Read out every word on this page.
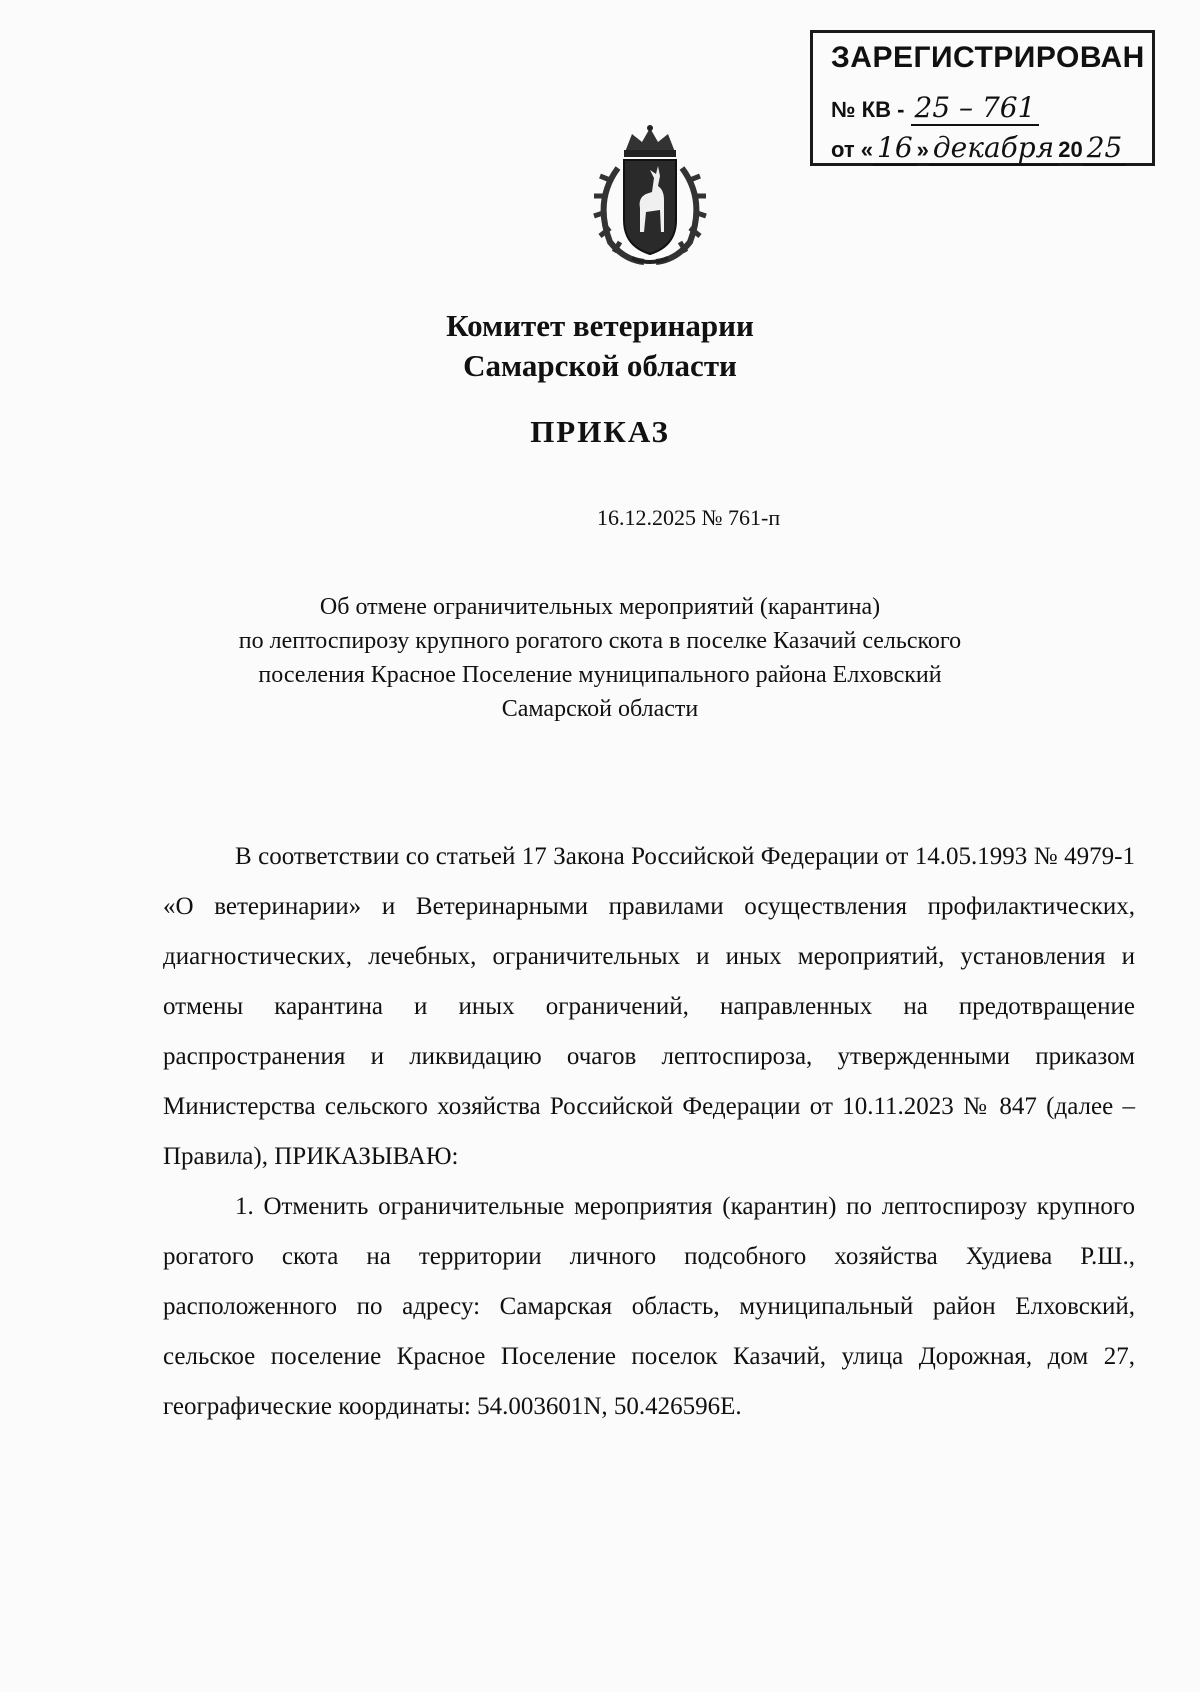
ЗАРЕГИСТРИРОВАН
№ КВ - 25 – 761
от « 16 » декабря 20 25
Комитет ветеринарии
Самарской области
ПРИКАЗ
16.12.2025 № 761-п
Об отмене ограничительных мероприятий (карантина)
по лептоспирозу крупного рогатого скота в поселке Казачий сельского
поселения Красное Поселение муниципального района Елховский
Самарской области

В соответствии со статьей 17 Закона Российской Федерации от 14.05.1993 № 4979-1 «О ветеринарии» и Ветеринарными правилами осуществления профилактических, диагностических, лечебных, ограничительных и иных мероприятий, установления и отмены карантина и иных ограничений, направленных на предотвращение распространения и ликвидацию очагов лептоспироза, утвержденными приказом Министерства сельского хозяйства Российской Федерации от 10.11.2023 № 847 (далее – Правила), ПРИКАЗЫВАЮ:

1. Отменить ограничительные мероприятия (карантин) по лептоспирозу крупного рогатого скота на территории личного подсобного хозяйства Худиева Р.Ш., расположенного по адресу: Самарская область, муниципальный район Елховский, сельское поселение Красное Поселение поселок Казачий, улица Дорожная, дом 27, географические координаты: 54.003601N, 50.426596E.
